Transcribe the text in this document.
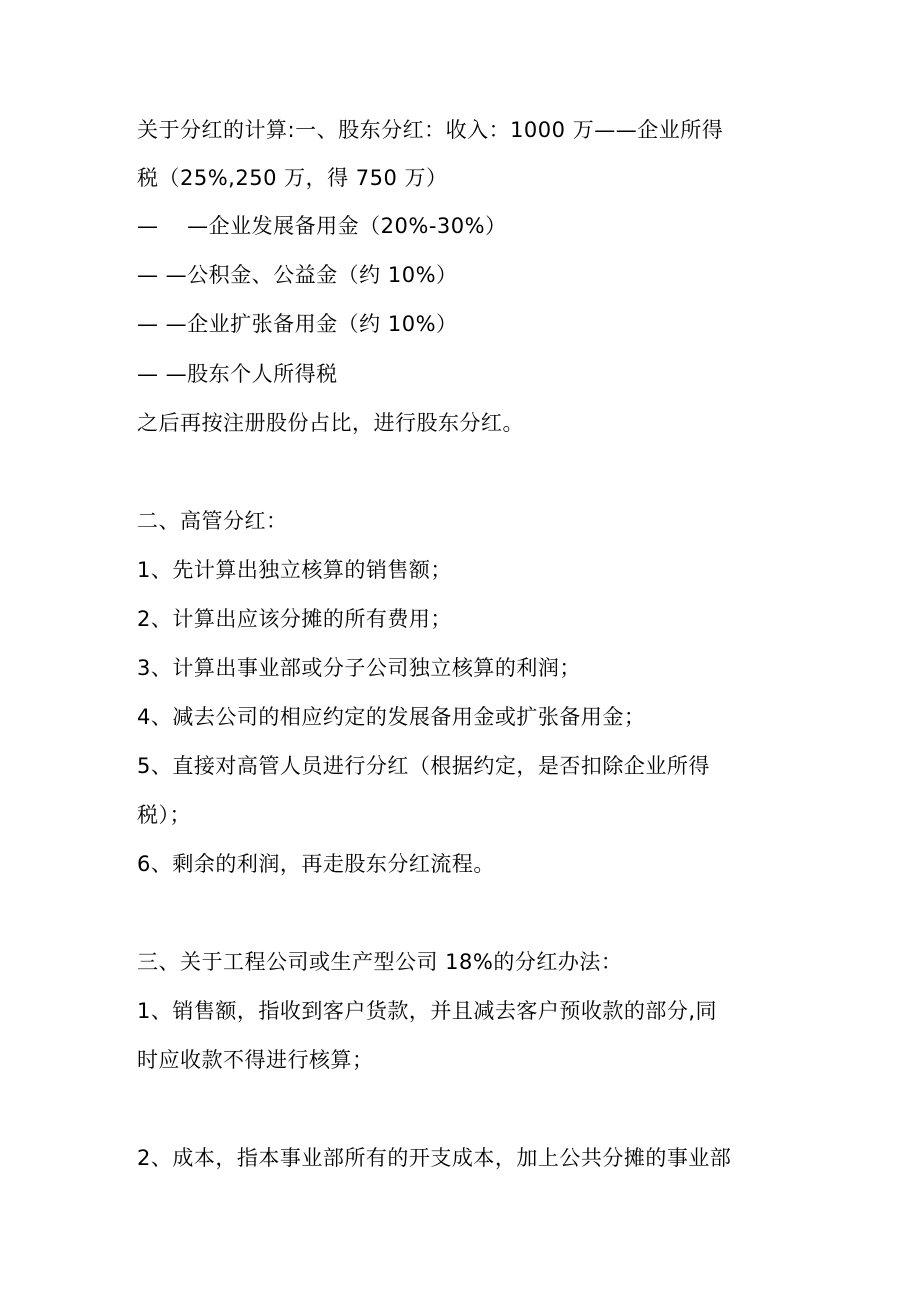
关于分红的计算:一、股东分红：收入：1000 万——企业所得
税（25%,250 万，得 750 万）
—　 —企业发展备用金（20%-30%）
— —公积金、公益金（约 10%）
— —企业扩张备用金（约 10%）
— —股东个人所得税
之后再按注册股份占比，进行股东分红。
二、高管分红：
1、先计算出独立核算的销售额；
2、计算出应该分摊的所有费用；
3、计算出事业部或分子公司独立核算的利润；
4、减去公司的相应约定的发展备用金或扩张备用金；
5、直接对高管人员进行分红（根据约定，是否扣除企业所得
税）；
6、剩余的利润，再走股东分红流程。
三、关于工程公司或生产型公司 18%的分红办法：
1、销售额，指收到客户货款，并且减去客户预收款的部分,同
时应收款不得进行核算；
2、成本，指本事业部所有的开支成本，加上公共分摊的事业部
